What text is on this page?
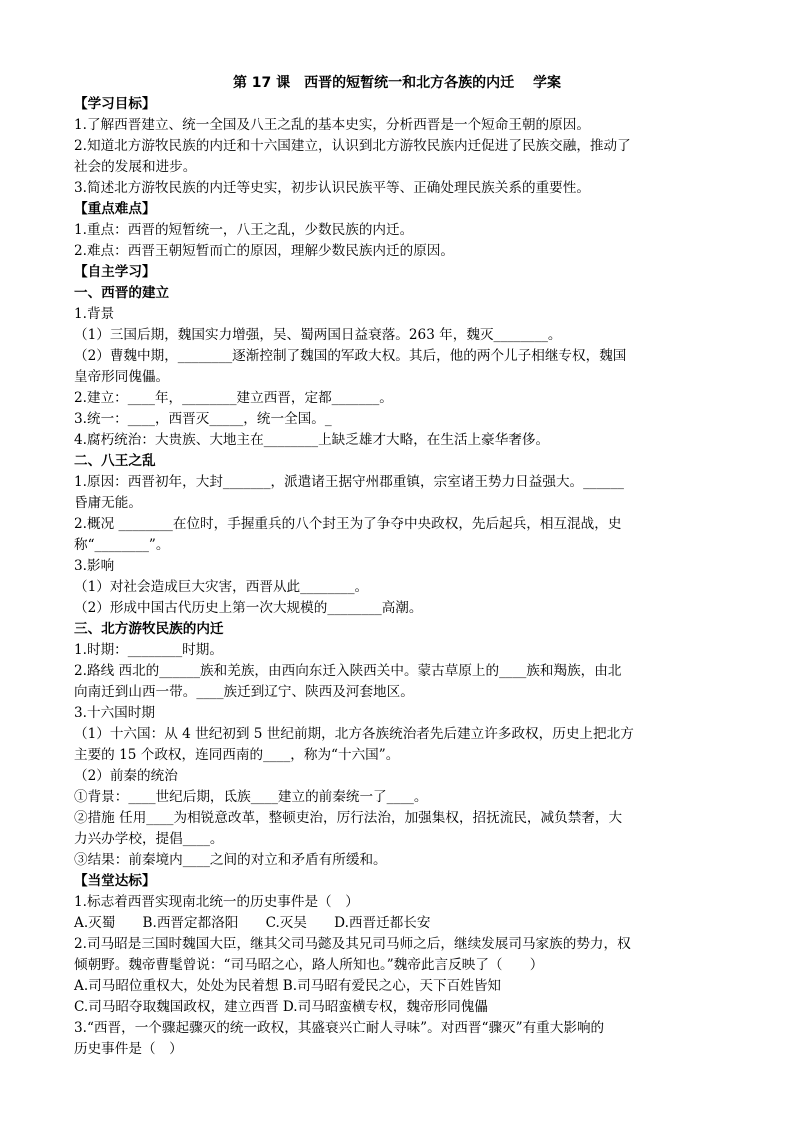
第 17 课　西晋的短暂统一和北方各族的内迁　 学案
【学习目标】
1.了解西晋建立、统一全国及八王之乱的基本史实，分析西晋是一个短命王朝的原因。
2.知道北方游牧民族的内迁和十六国建立，认识到北方游牧民族内迁促进了民族交融，推动了
社会的发展和进步。
3.简述北方游牧民族的内迁等史实，初步认识民族平等、正确处理民族关系的重要性。
【重点难点】
1.重点：西晋的短暂统一，八王之乱，少数民族的内迁。
2.难点：西晋王朝短暂而亡的原因，理解少数民族内迁的原因。
【自主学习】
一、西晋的建立
1.背景
（1）三国后期，魏国实力增强，吴、蜀两国日益衰落。263 年，魏灭________。
（2）曹魏中期，________逐渐控制了魏国的军政大权。其后，他的两个儿子相继专权，魏国
皇帝形同傀儡。
2.建立：____年，________建立西晋，定都_______。
3.统一：____，西晋灭_____，统一全国。_
4.腐朽统治：大贵族、大地主在________上缺乏雄才大略，在生活上豪华奢侈。
二、八王之乱
1.原因：西晋初年，大封_______，派遣诸王据守州郡重镇，宗室诸王势力日益强大。______
昏庸无能。
2.概况 ________在位时，手握重兵的八个封王为了争夺中央政权，先后起兵，相互混战，史
称“________”。
3.影响
（1）对社会造成巨大灾害，西晋从此________。
（2）形成中国古代历史上第一次大规模的________高潮。
三、北方游牧民族的内迁
1.时期：________时期。
2.路线 西北的______族和羌族，由西向东迁入陕西关中。蒙古草原上的____族和羯族，由北
向南迁到山西一带。____族迁到辽宁、陕西及河套地区。
3.十六国时期
（1）十六国：从 4 世纪初到 5 世纪前期，北方各族统治者先后建立许多政权，历史上把北方
主要的 15 个政权，连同西南的____，称为“十六国”。
（2）前秦的统治
①背景：____世纪后期，氐族____建立的前秦统一了____。
②措施 任用____为相锐意改革，整顿吏治，厉行法治，加强集权，招抚流民，减负禁奢，大
力兴办学校，提倡____。
③结果：前秦境内____之间的对立和矛盾有所缓和。
【当堂达标】
1.标志着西晋实现南北统一的历史事件是（　）
A.灭蜀　　B.西晋定都洛阳　　C.灭吴　　D.西晋迁都长安
2.司马昭是三国时魏国大臣，继其父司马懿及其兄司马师之后，继续发展司马家族的势力，权
倾朝野。魏帝曹髦曾说：“司马昭之心，路人所知也。”魏帝此言反映了（　　）
A.司马昭位重权大，处处为民着想 B.司马昭有爱民之心，天下百姓皆知
C.司马昭夺取魏国政权，建立西晋 D.司马昭蛮横专权，魏帝形同傀儡
3.“西晋，一个骤起骤灭的统一政权，其盛衰兴亡耐人寻味”。对西晋“骤灭”有重大影响的
历史事件是（　）
